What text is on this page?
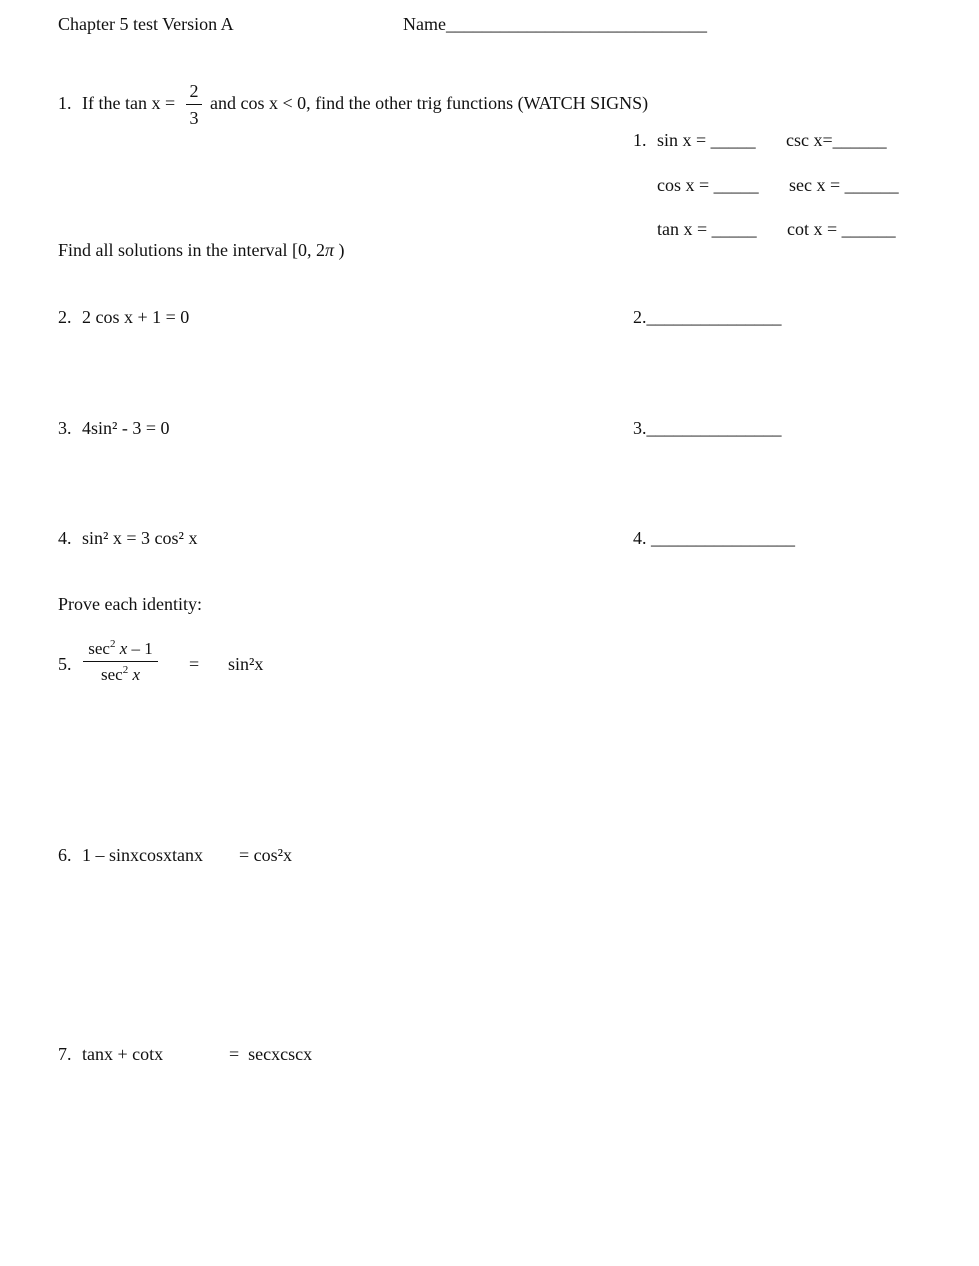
Chapter 5 test Version A	Name_____________________________
1. If the tan x =
2
3
and cos x < 0, find the other trig functions (WATCH SIGNS)
1. sin x = _____ csc x=______
cos x = _____ sec x = ______
tan x = _____ cot x = ______
Find all solutions in the interval [0, 2π )
2. 2 cos x + 1 = 0	2._______________
3. 4sin² - 3 = 0	3._______________
4. sin² x = 3 cos² x	4. ________________
Prove each identity:
5.
$\sec^2 x - 1$
$\sec^2 x$
= sin²x
6. 1 – sinxcosxtanx = cos²x
7. tanx + cotx	=  secxcscx
